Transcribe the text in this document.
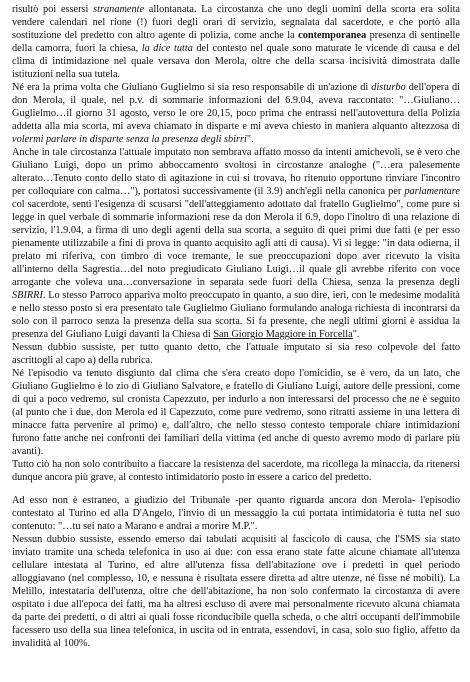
risultò poi essersi stranamente allontanata. La circostanza che uno degli uomini della scorta era solita vendere calendari nel rione (!) fuori degli orari di servizio, segnalata dal sacerdote, e che portò alla sostituzione del predetto con altro agente di polizia, come anche la contemporanea presenza di sentinelle della camorra, fuori la chiesa, la dice tutta del contesto nel quale sono maturate le vicende di causa e del clima di intimidazione nel quale versava don Merola, oltre che della scarsa incisività dimostrata dalle istituzioni nella sua tutela.

Né era la prima volta che Giuliano Guglielmo si sia reso responsabile di un'azione di disturbo dell'opera di don Merola, il quale, nel p.v. di sommarie informazioni del 6.9.04, aveva raccontato: "…Giuliano…Guglielmo…il giorno 31 agosto, verso le ore 20,15, poco prima che entrassi nell'autovettura della Polizia addetta alla mia scorta, mi aveva chiamato in disparte e mi aveva chiesto in maniera alquanto altezzosa di volermi parlare in disparte senza la presenza degli sbirri".

Anche in tale circostanza l'attuale imputato non sembrava affatto mosso da intenti amichevoli, se è vero che Giuliano Luigi, dopo un primo abboccamento svoltosi in circostanze analoghe ("…era palesemente alterato…Tenuto conto dello stato di agitazione in cui si trovava, ho ritenuto opportuno rinviare l'incontro per colloquiare con calma…"), portatosi successivamente (il 3.9) anch'egli nella canonica per parlamentare col sacerdote, sentì l'esigenza di scusarsi "dell'atteggiamento adottato dal fratello Guglielmo", come pure si legge in quel verbale di sommarie informazioni rese da don Merola il 6.9, dopo l'inoltro di una relazione di servizio, l'1.9.04, a firma di uno degli agenti della sua scorta, a seguito di quei primi due fatti (e per esso pienamente utilizzabile a fini di prova in quanto acquisito agli atti di causa). Vi si legge: "in data odierna, il prelato mi riferiva, con timbro di voce tremante, le sue preoccupazioni dopo aver ricevuto la visita all'interno della Sagrestia…del noto pregiudicato Giuliano Luigi…il quale gli avrebbe riferito con voce arrogante che voleva una…conversazione in separata sede fuori della Chiesa, senza la presenza degli SBIRRI. Lo stesso Parroco appariva molto preoccupato in quanto, a suo dire, ieri, con le medesime modalità e nello stesso posto si era presentato tale Guglielmo Giuliano formulando analoga richiesta di incontrarsi da solo con il parroco senza la presenza della sua scorta. Si fa presente, che negli ultimi giorni è assidua la presenza del Giuliano Luigi davanti la Chiesa di San Giorgio Maggiore in Forcella".

Nessun dubbio sussiste, per tutto quanto detto, che l'attuale imputato si sia reso colpevole del fatto ascrittogli al capo a) della rubrica.

Né l'episodio va tenuto disgiunto dal clima che s'era creato dopo l'omicidio, se è vero, da un lato, che Giuliano Guglielmo è lo zio di Giuliano Salvatore, e fratello di Giuliano Luigi, autore delle pressioni, come di qui a poco vedremo, sul cronista Capezzuto, per indurlo a non interessarsi del processo che ne è seguito (al punto che i due, don Merola ed il Capezzuto, come pure vedremo, sono ritratti assieme in una lettera di minacce fatta pervenire al primo) e, dall'altro, che nello stesso contesto temporale chiare intimidazioni furono fatte anche nei confronti dei familiari della vittima (ed anche di questo avremo modo di parlare più avanti).

Tutto ciò ha non solo contribuito a fiaccare la resistenza del sacerdote, ma ricollega la minaccia, da ritenersi dunque ancora più grave, al contesto intimidatorio posto in essere a carico del predetto.

Ad esso non è estraneo, a giudizio del Tribunale -per quanto riguarda ancora don Merola- l'episodio contestato al Turino ed alla D'Angelo, l'invio di un messaggio la cui portata intimidatoria è tutta nel suo contenuto: "…tu sei nato a Marano e andrai a morire M.P.".

Nessun dubbio sussiste, essendo emerso dai tabulati acquisiti al fascicolo di causa, che l'SMS sia stato inviato tramite una scheda telefonica in uso ai due: con essa erano state fatte alcune chiamate all'utenza cellulare intestata al Turino, ed altre all'utenza fissa dell'abitazione ove i predetti in quel periodo alloggiavano (nel complesso, 10, e nessuna è risultata essere diretta ad altre utenze, né fisse né mobili). La Melillo, intestataria dell'utenza, oltre che dell'abitazione, ha non solo confermato la circostanza di avere ospitato i due all'epoca dei fatti, ma ha altresì escluso di avere mai personalmente ricevuto alcuna chiamata da parte dei predetti, o di altri ai quali fosse riconducibile quella scheda, o che altri occupanti dell'immobile facessero uso della sua linea telefonica, in uscita od in entrata, essendovi, in casa, solo suo figlio, affetto da invalidità al 100%.
